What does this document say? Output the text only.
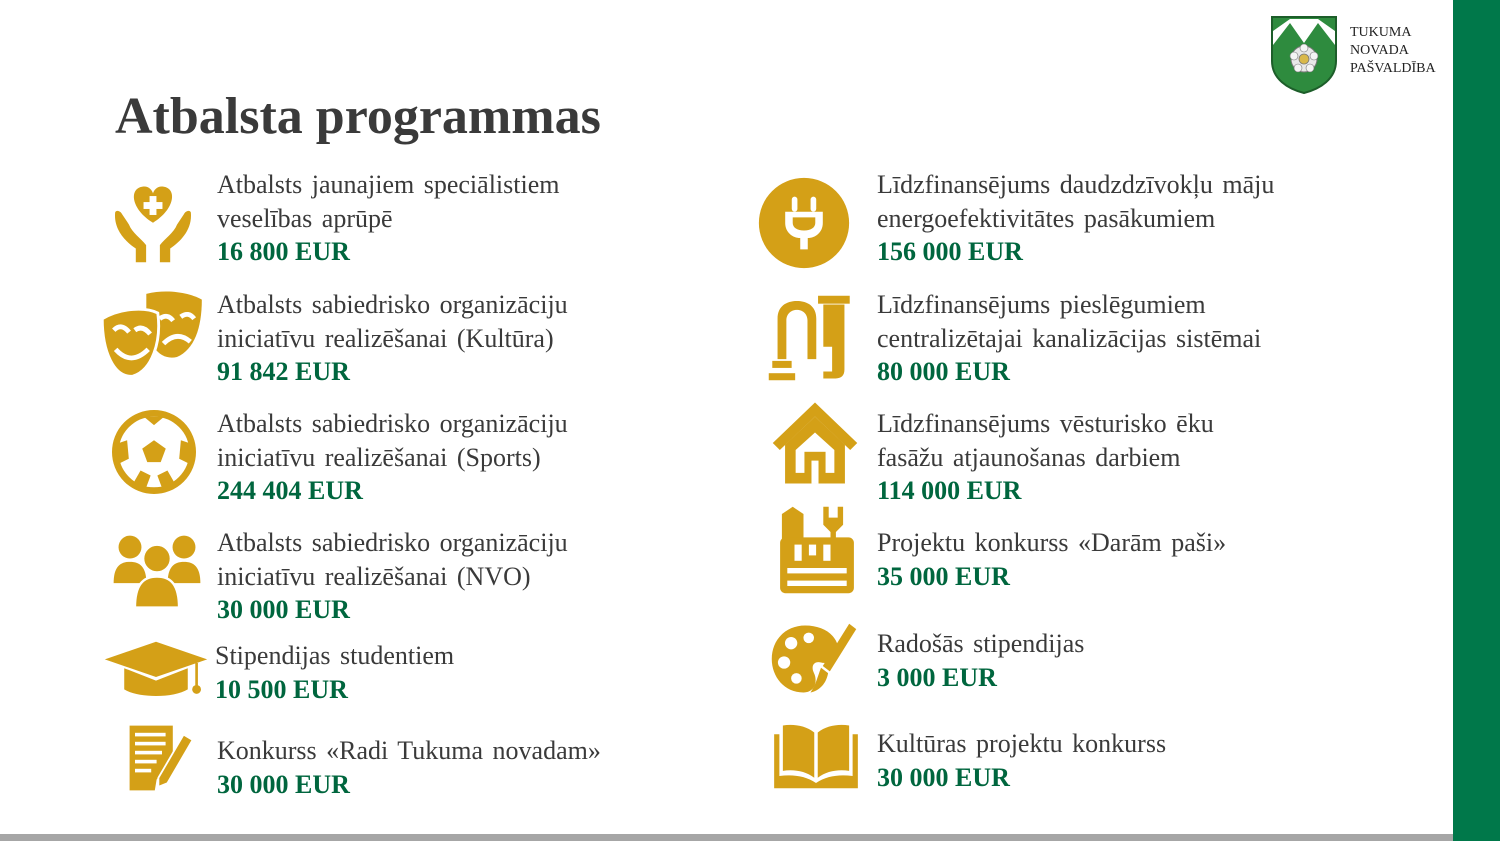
TUKUMA
NOVADA
PAŠVALDĪBA
Atbalsta programmas
Atbalsts jaunajiem speciālistiem
veselības aprūpē
16 800 EUR
Atbalsts sabiedrisko organizāciju
iniciatīvu realizēšanai (Kultūra)
91 842 EUR
Atbalsts sabiedrisko organizāciju
iniciatīvu realizēšanai (Sports)
244 404 EUR
Atbalsts sabiedrisko organizāciju
iniciatīvu realizēšanai (NVO)
30 000 EUR
Stipendijas studentiem
10 500 EUR
Konkurss «Radi Tukuma novadam»
30 000 EUR
Līdzfinansējums daudzdzīvokļu māju
energoefektivitātes pasākumiem
156 000 EUR
Līdzfinansējums pieslēgumiem
centralizētajai kanalizācijas sistēmai
80 000 EUR
Līdzfinansējums vēsturisko ēku
fasāžu atjaunošanas darbiem
114 000 EUR
Projektu konkurss «Darām paši»
35 000 EUR
Radošās stipendijas
3 000 EUR
Kultūras projektu konkurss
30 000 EUR
